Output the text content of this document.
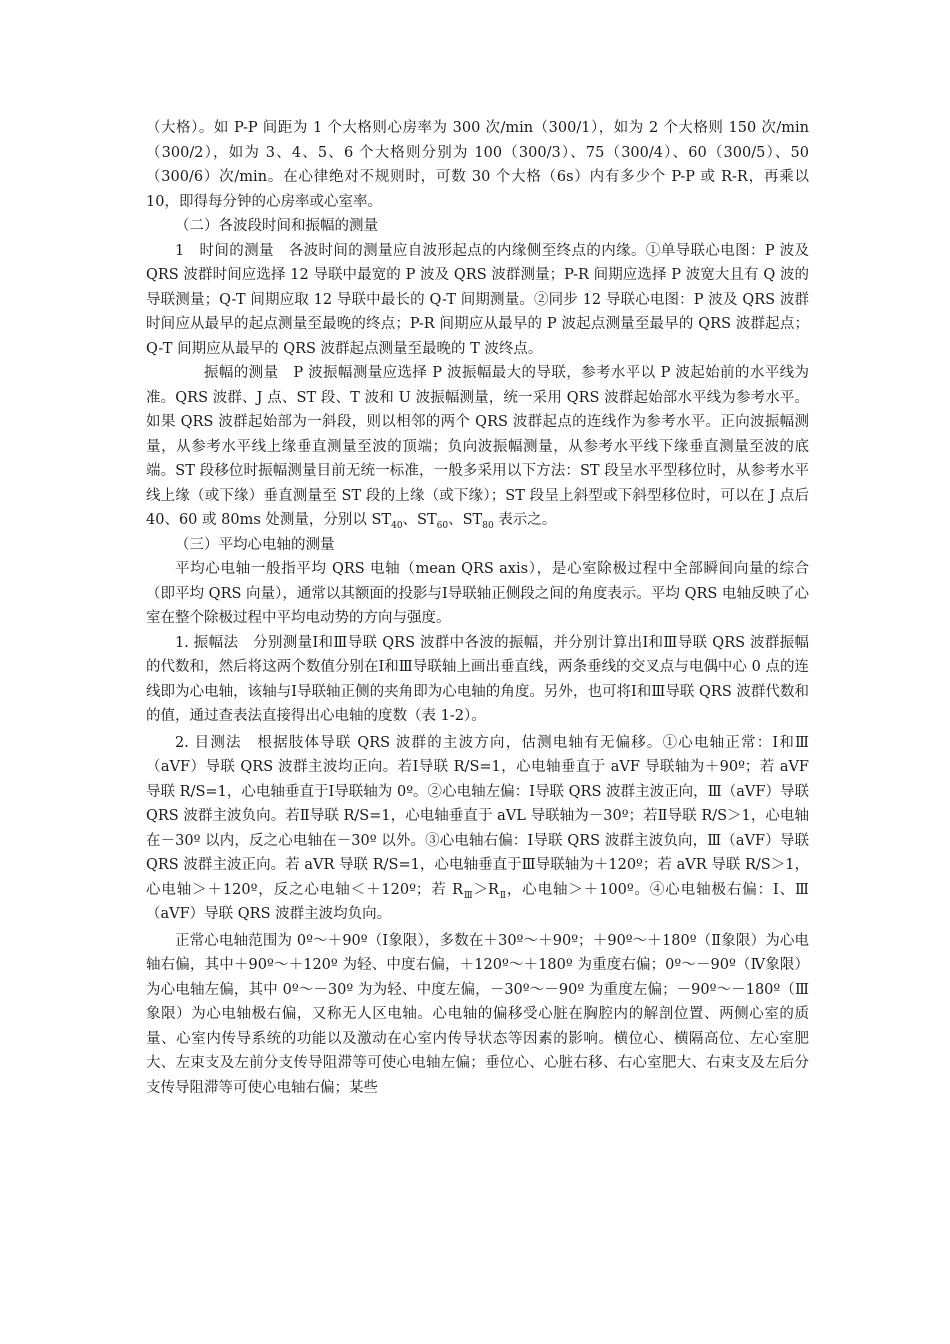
（大格）。如 P-P 间距为 1 个大格则心房率为 300 次/min（300/1），如为 2 个大格则 150 次/min（300/2），如为 3、4、5、6 个大格则分别为 100（300/3）、75（300/4）、60（300/5）、50（300/6）次/min。在心律绝对不规则时，可数 30 个大格（6s）内有多少个 P-P 或 R-R，再乘以 10，即得每分钟的心房率或心室率。

（二）各波段时间和振幅的测量

1　时间的测量　各波时间的测量应自波形起点的内缘侧至终点的内缘。①单导联心电图：P 波及 QRS 波群时间应选择 12 导联中最宽的 P 波及 QRS 波群测量；P-R 间期应选择 P 波宽大且有 Q 波的导联测量；Q-T 间期应取 12 导联中最长的 Q-T 间期测量。②同步 12 导联心电图：P 波及 QRS 波群时间应从最早的起点测量至最晚的终点；P-R 间期应从最早的 P 波起点测量至最早的 QRS 波群起点；Q-T 间期应从最早的 QRS 波群起点测量至最晚的 T 波终点。

振幅的测量　P 波振幅测量应选择 P 波振幅最大的导联，参考水平以 P 波起始前的水平线为准。QRS 波群、J 点、ST 段、T 波和 U 波振幅测量，统一采用 QRS 波群起始部水平线为参考水平。如果 QRS 波群起始部为一斜段，则以相邻的两个 QRS 波群起点的连线作为参考水平。正向波振幅测量，从参考水平线上缘垂直测量至波的顶端；负向波振幅测量，从参考水平线下缘垂直测量至波的底端。ST 段移位时振幅测量目前无统一标准，一般多采用以下方法：ST 段呈水平型移位时，从参考水平线上缘（或下缘）垂直测量至 ST 段的上缘（或下缘）；ST 段呈上斜型或下斜型移位时，可以在 J 点后 40、60 或 80ms 处测量，分别以 $ST_{40}$、$ST_{60}$、$ST_{80}$ 表示之。

（三）平均心电轴的测量

平均心电轴一般指平均 QRS 电轴（mean QRS axis），是心室除极过程中全部瞬间向量的综合（即平均 QRS 向量），通常以其额面的投影与Ⅰ导联轴正侧段之间的角度表示。平均 QRS 电轴反映了心室在整个除极过程中平均电动势的方向与强度。

1. 振幅法　分别测量Ⅰ和Ⅲ导联 QRS 波群中各波的振幅，并分别计算出Ⅰ和Ⅲ导联 QRS 波群振幅的代数和，然后将这两个数值分别在Ⅰ和Ⅲ导联轴上画出垂直线，两条垂线的交叉点与电偶中心 0 点的连线即为心电轴，该轴与Ⅰ导联轴正侧的夹角即为心电轴的角度。另外，也可将Ⅰ和Ⅲ导联 QRS 波群代数和的值，通过查表法直接得出心电轴的度数（表 1-2）。

2. 目测法　根据肢体导联 QRS 波群的主波方向，估测电轴有无偏移。①心电轴正常：Ⅰ和Ⅲ（aVF）导联 QRS 波群主波均正向。若Ⅰ导联 R/S=1，心电轴垂直于 aVF 导联轴为＋90º；若 aVF 导联 R/S=1，心电轴垂直于Ⅰ导联轴为 0º。②心电轴左偏：Ⅰ导联 QRS 波群主波正向，Ⅲ（aVF）导联 QRS 波群主波负向。若Ⅱ导联 R/S=1，心电轴垂直于 aVL 导联轴为－30º；若Ⅱ导联 R/S＞1，心电轴在－30º 以内，反之心电轴在－30º 以外。③心电轴右偏：Ⅰ导联 QRS 波群主波负向，Ⅲ（aVF）导联 QRS 波群主波正向。若 aVR 导联 R/S=1，心电轴垂直于Ⅲ导联轴为＋120º；若 aVR 导联 R/S＞1，心电轴＞＋120º，反之心电轴＜＋120º；若 $R_Ⅲ>R_Ⅱ$，心电轴＞＋100º。④心电轴极右偏：Ⅰ、Ⅲ（aVF）导联 QRS 波群主波均负向。

正常心电轴范围为 0º～＋90º（Ⅰ象限），多数在＋30º～＋90º；＋90º～＋180º（Ⅱ象限）为心电轴右偏，其中＋90º～＋120º 为轻、中度右偏，＋120º～＋180º 为重度右偏；0º～－90º（Ⅳ象限）为心电轴左偏，其中 0º～－30º 为为轻、中度左偏，－30º～－90º 为重度左偏；－90º～－180º（Ⅲ象限）为心电轴极右偏，又称无人区电轴。心电轴的偏移受心脏在胸腔内的解剖位置、两侧心室的质量、心室内传导系统的功能以及激动在心室内传导状态等因素的影响。横位心、横隔高位、左心室肥大、左束支及左前分支传导阻滞等可使心电轴左偏；垂位心、心脏右移、右心室肥大、右束支及左后分支传导阻滞等可使心电轴右偏；某些
